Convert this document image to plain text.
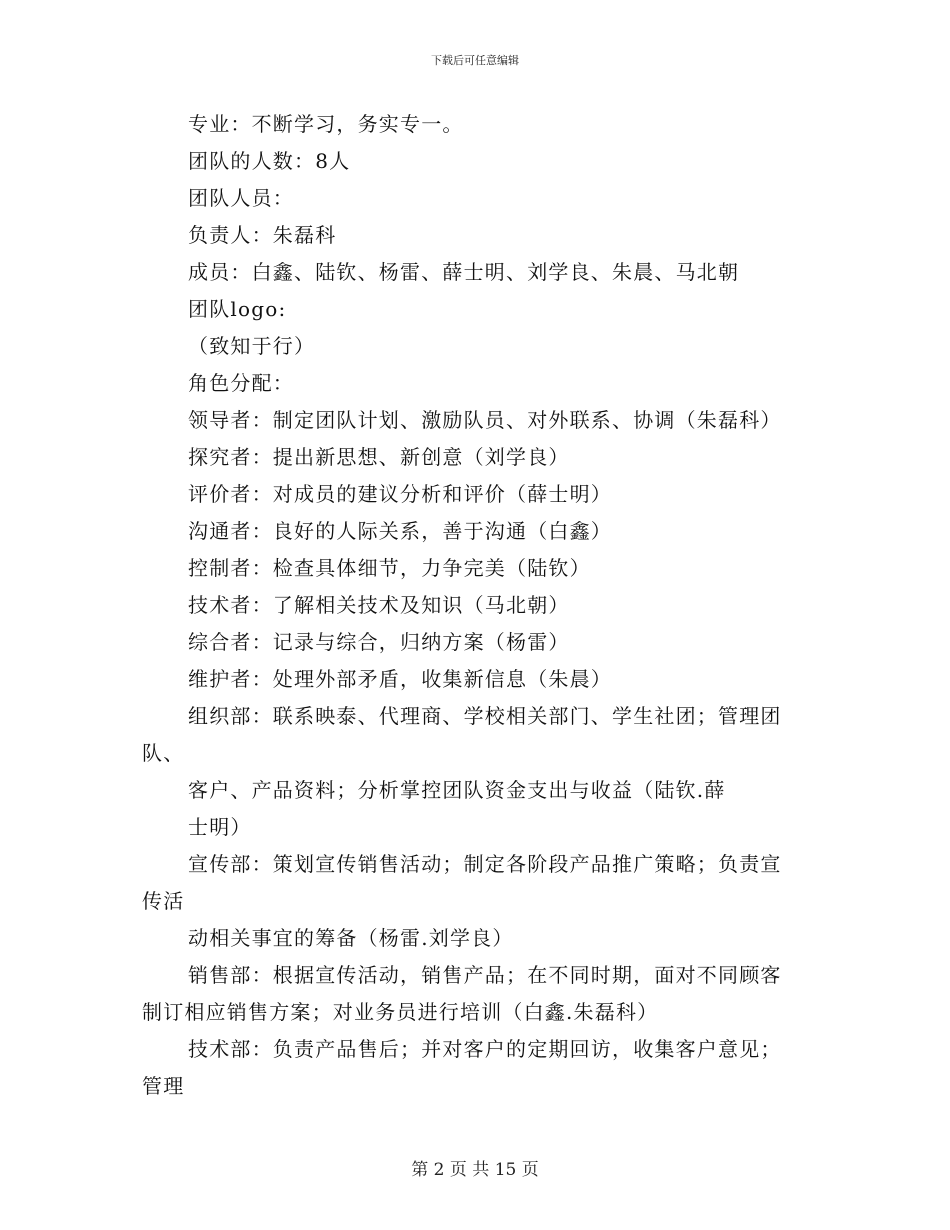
下载后可任意编辑
专业：不断学习，务实专一。
团队的人数：8人
团队人员：
负责人：朱磊科
成员：白鑫、陆钦、杨雷、薛士明、刘学良、朱晨、马北朝
团队logo:
（致知于行）
角色分配：
领导者：制定团队计划、激励队员、对外联系、协调（朱磊科）
探究者：提出新思想、新创意（刘学良）
评价者：对成员的建议分析和评价（薛士明）
沟通者：良好的人际关系，善于沟通（白鑫）
控制者：检查具体细节，力争完美（陆钦）
技术者：了解相关技术及知识（马北朝）
综合者：记录与综合，归纳方案（杨雷）
维护者：处理外部矛盾，收集新信息（朱晨）
组织部：联系映泰、代理商、学校相关部门、学生社团；管理团
队、
客户、产品资料；分析掌控团队资金支出与收益（陆钦.薛
士明）
宣传部：策划宣传销售活动；制定各阶段产品推广策略；负责宣
传活
动相关事宜的筹备（杨雷.刘学良）
销售部：根据宣传活动，销售产品；在不同时期，面对不同顾客
制订相应销售方案；对业务员进行培训（白鑫.朱磊科）
技术部：负责产品售后；并对客户的定期回访，收集客户意见；
管理
第 2 页 共 15 页
